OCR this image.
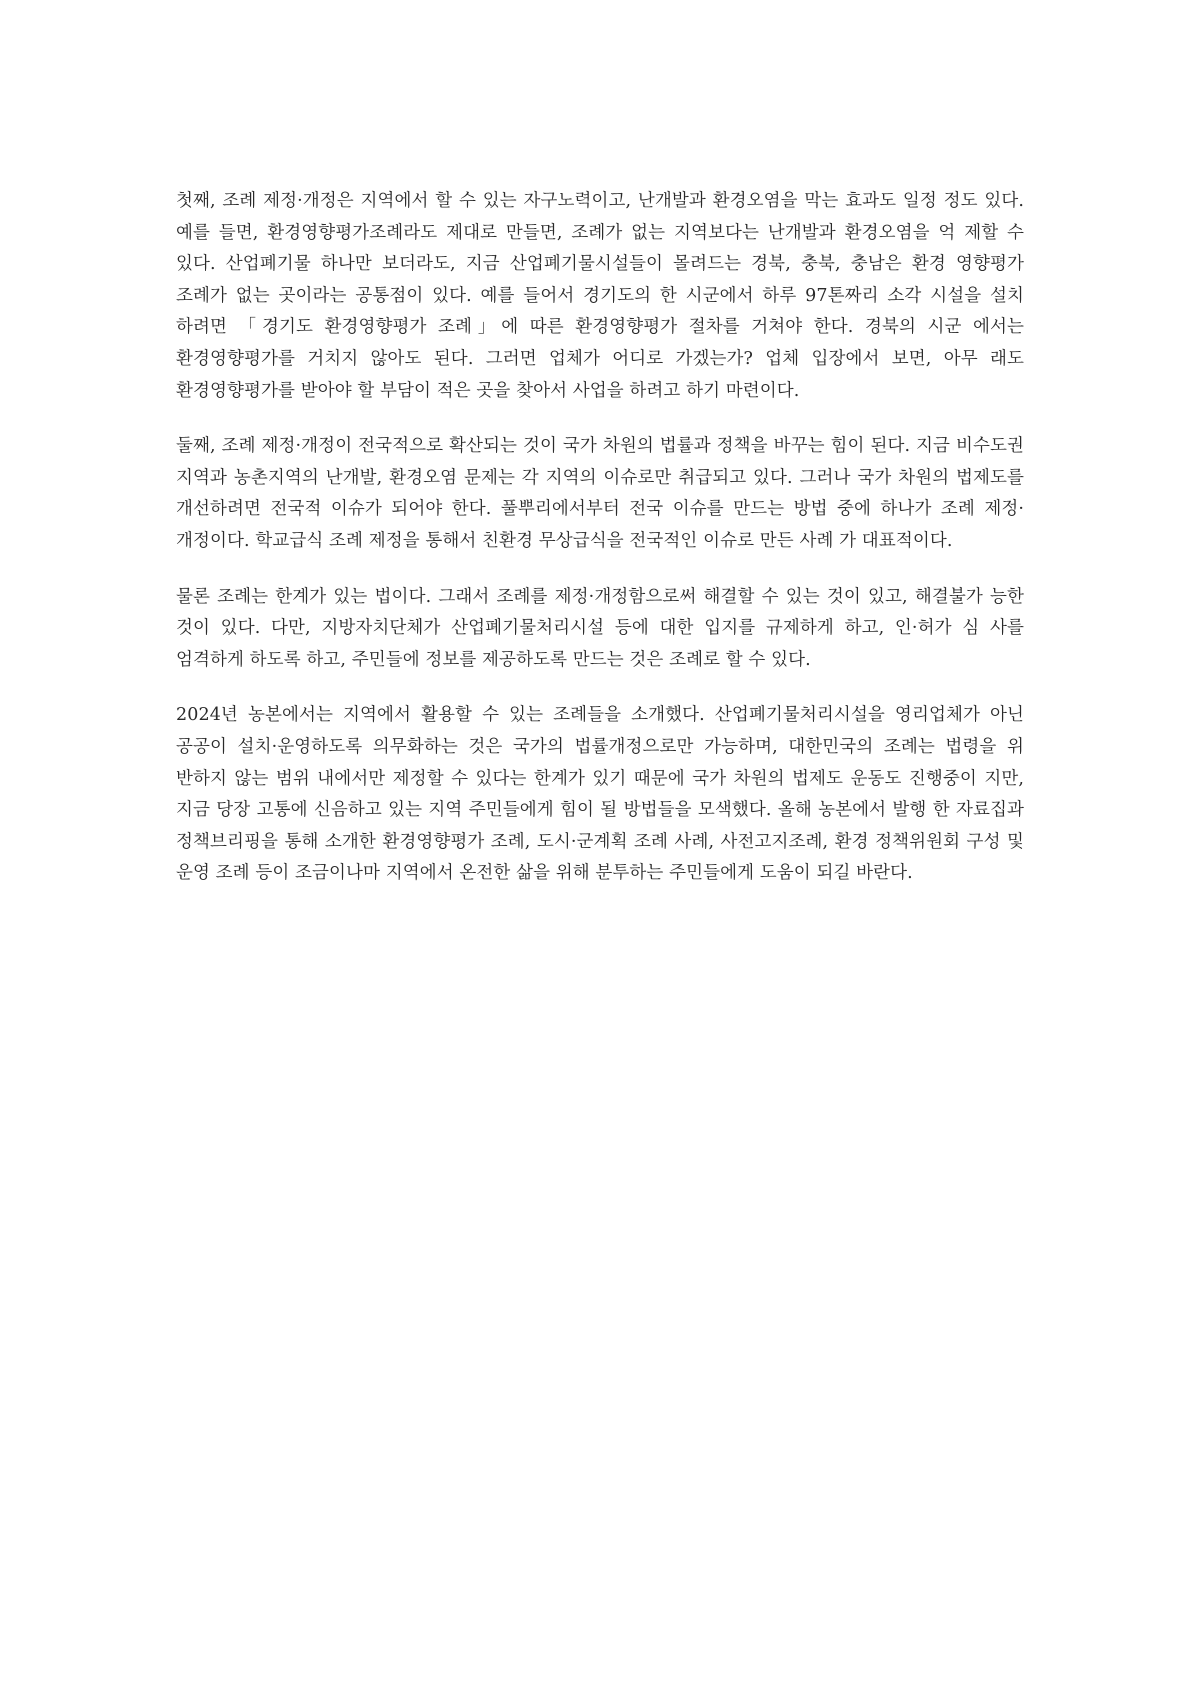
첫째, 조례 제정·개정은 지역에서 할 수 있는 자구노력이고, 난개발과 환경오염을 막는 효과도 일정 정도 있다. 예를 들면, 환경영향평가조례라도 제대로 만들면, 조례가 없는 지역보다는 난개발과 환경오염을 억 제할 수 있다. 산업폐기물 하나만 보더라도, 지금 산업폐기물시설들이 몰려드는 경북, 충북, 충남은 환경 영향평가 조례가 없는 곳이라는 공통점이 있다. 예를 들어서 경기도의 한 시군에서 하루 97톤짜리 소각 시설을 설치 하려면 「경기도 환경영향평가 조례」에 따른 환경영향평가 절차를 거쳐야 한다. 경북의 시군 에서는 환경영향평가를 거치지 않아도 된다. 그러면 업체가 어디로 가겠는가? 업체 입장에서 보면, 아무 래도 환경영향평가를 받아야 할 부담이 적은 곳을 찾아서 사업을 하려고 하기 마련이다.

둘째, 조례 제정·개정이 전국적으로 확산되는 것이 국가 차원의 법률과 정책을 바꾸는 힘이 된다. 지금 비수도권 지역과 농촌지역의 난개발, 환경오염 문제는 각 지역의 이슈로만 취급되고 있다. 그러나 국가 차원의 법제도를 개선하려면 전국적 이슈가 되어야 한다. 풀뿌리에서부터 전국 이슈를 만드는 방법 중에 하나가 조례 제정·개정이다. 학교급식 조례 제정을 통해서 친환경 무상급식을 전국적인 이슈로 만든 사례 가 대표적이다.

물론 조례는 한계가 있는 법이다. 그래서 조례를 제정·개정함으로써 해결할 수 있는 것이 있고, 해결불가 능한 것이 있다. 다만, 지방자치단체가 산업폐기물처리시설 등에 대한 입지를 규제하게 하고, 인·허가 심 사를 엄격하게 하도록 하고, 주민들에 정보를 제공하도록 만드는 것은 조례로 할 수 있다.

2024년 농본에서는 지역에서 활용할 수 있는 조례들을 소개했다. 산업폐기물처리시설을 영리업체가 아닌 공공이 설치·운영하도록 의무화하는 것은 국가의 법률개정으로만 가능하며, 대한민국의 조례는 법령을 위 반하지 않는 범위 내에서만 제정할 수 있다는 한계가 있기 때문에 국가 차원의 법제도 운동도 진행중이 지만, 지금 당장 고통에 신음하고 있는 지역 주민들에게 힘이 될 방법들을 모색했다. 올해 농본에서 발행 한 자료집과 정책브리핑을 통해 소개한 환경영향평가 조례, 도시·군계획 조례 사례, 사전고지조례, 환경 정책위원회 구성 및 운영 조례 등이 조금이나마 지역에서 온전한 삶을 위해 분투하는 주민들에게 도움이 되길 바란다.
